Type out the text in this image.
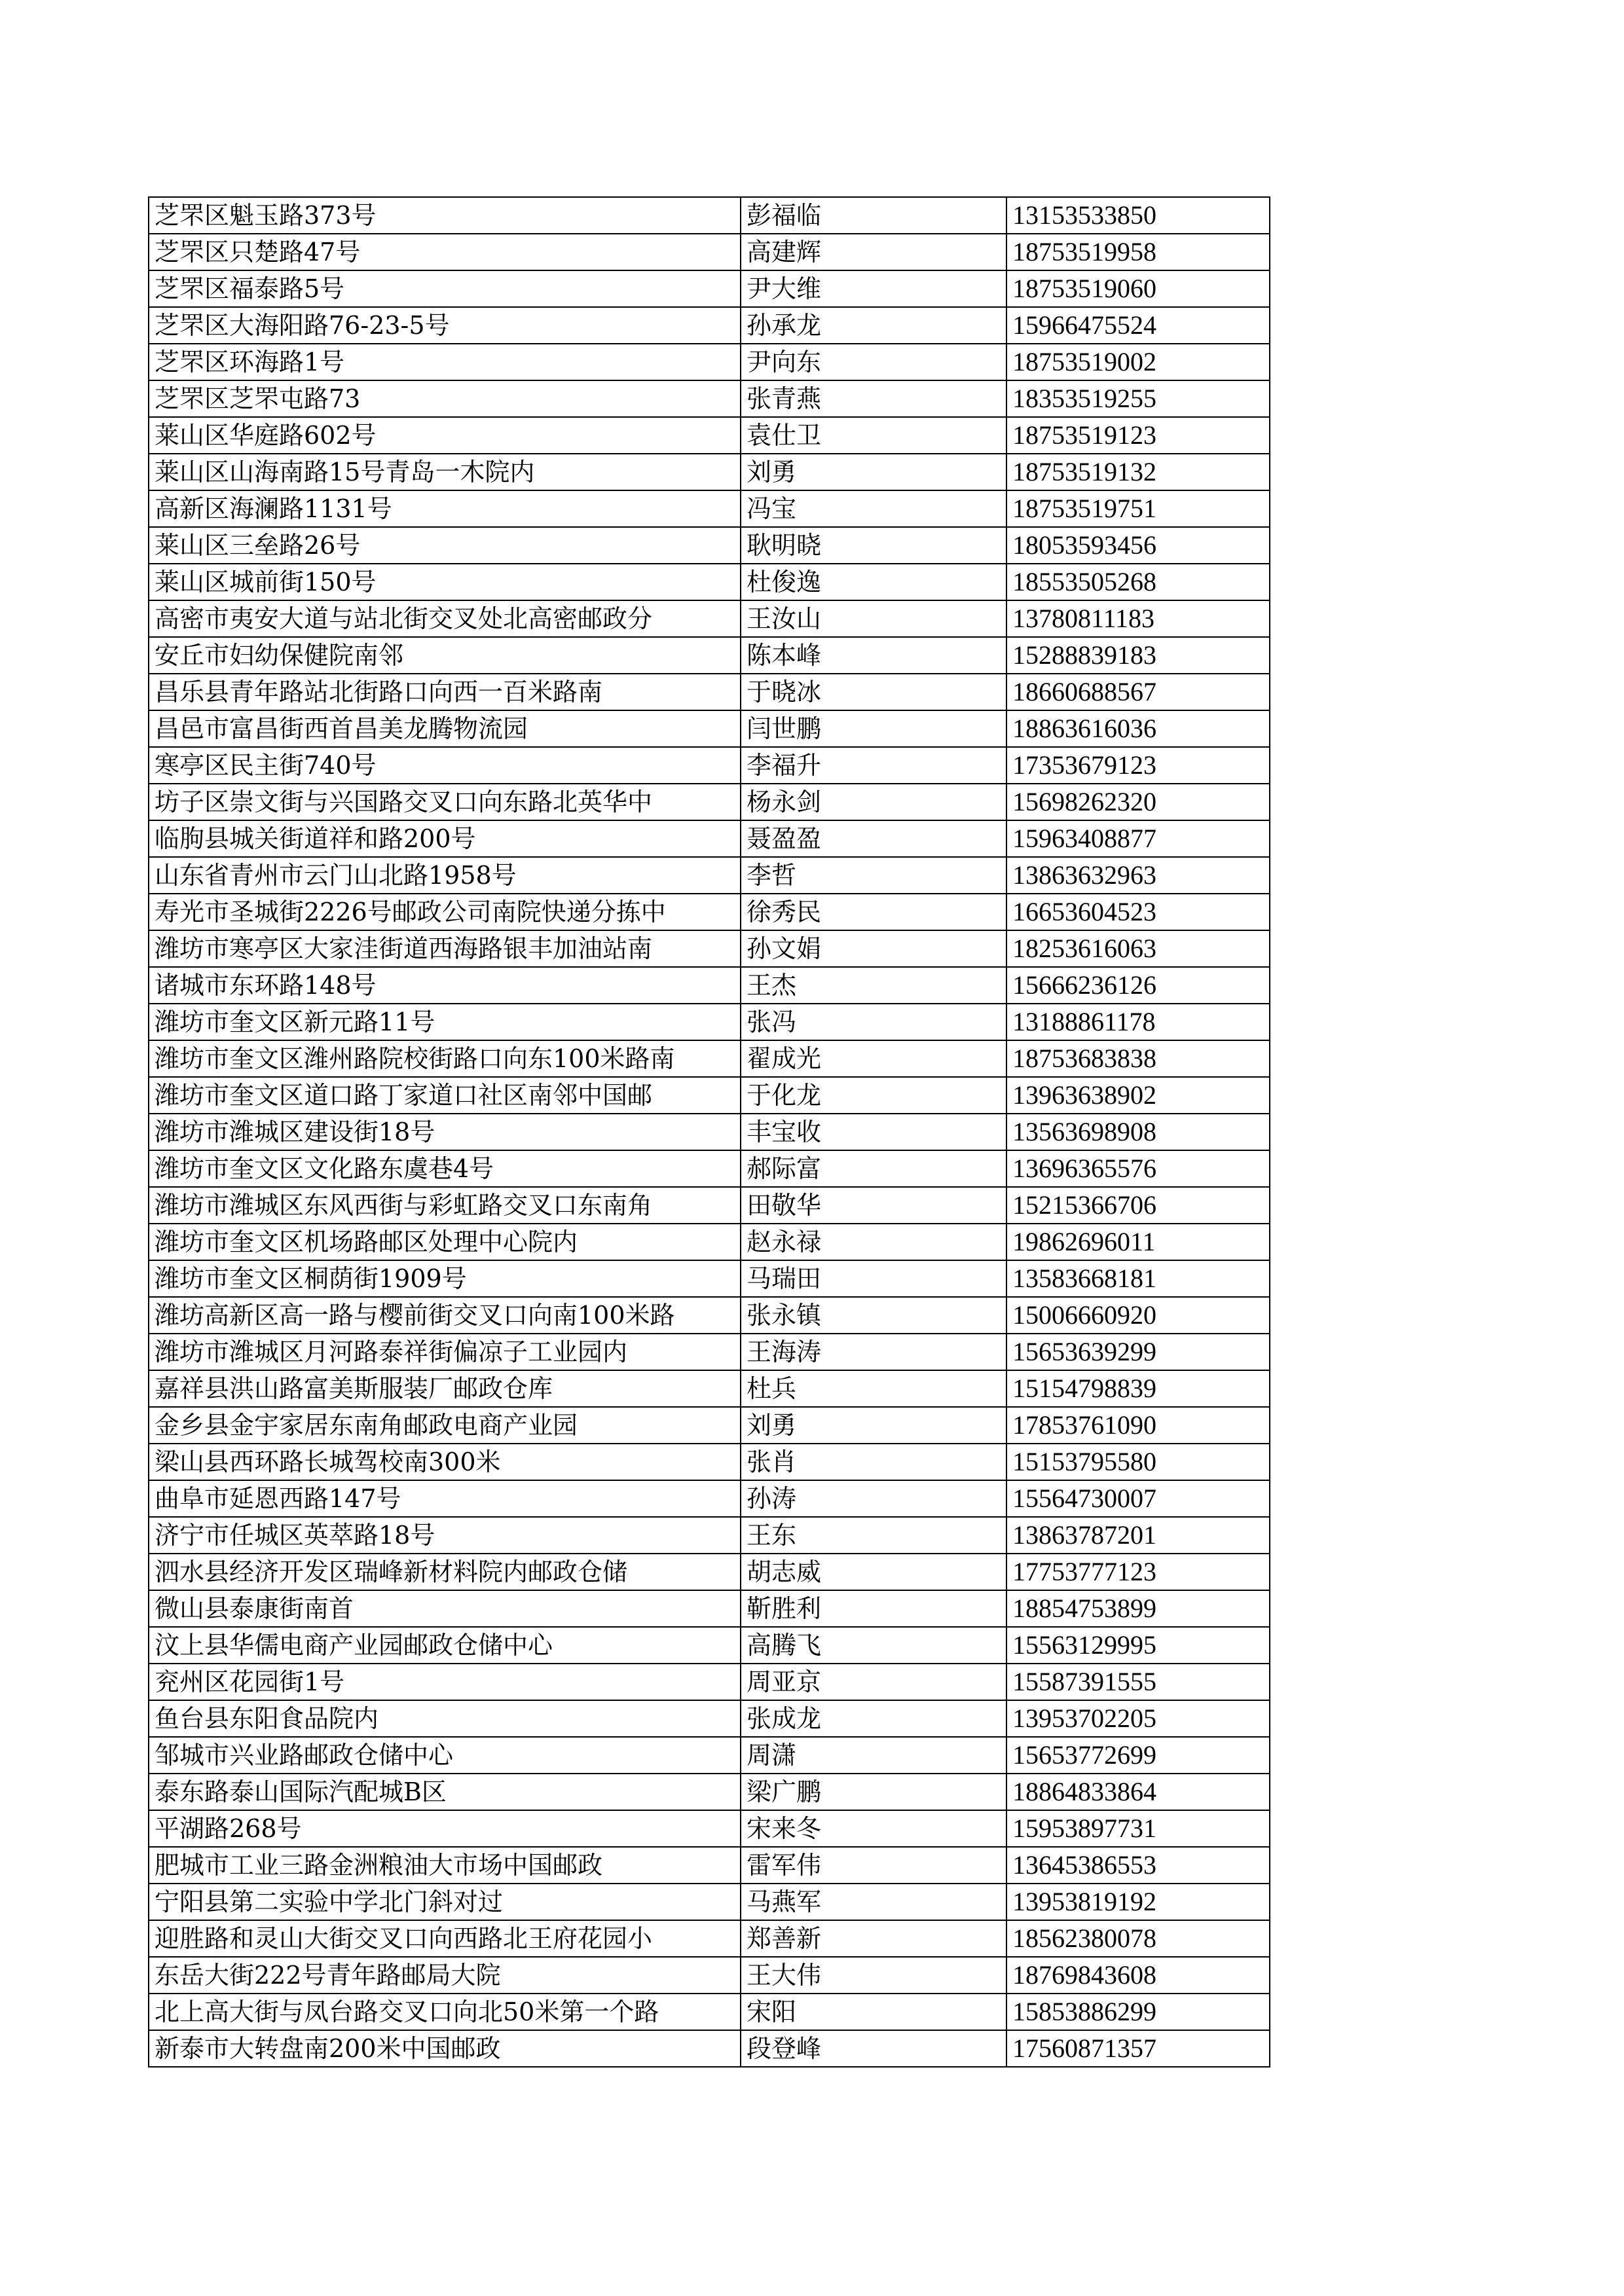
芝罘区魁玉路373号	彭福临	13153533850
芝罘区只楚路47号	高建辉	18753519958
芝罘区福泰路5号	尹大维	18753519060
芝罘区大海阳路76-23-5号	孙承龙	15966475524
芝罘区环海路1号	尹向东	18753519002
芝罘区芝罘屯路73	张青燕	18353519255
莱山区华庭路602号	袁仕卫	18753519123
莱山区山海南路15号青岛一木院内	刘勇	18753519132
高新区海澜路1131号	冯宝	18753519751
莱山区三垒路26号	耿明晓	18053593456
莱山区城前街150号	杜俊逸	18553505268
高密市夷安大道与站北街交叉处北高密邮政分	王汝山	13780811183
安丘市妇幼保健院南邻	陈本峰	15288839183
昌乐县青年路站北街路口向西一百米路南	于晓冰	18660688567
昌邑市富昌街西首昌美龙腾物流园	闫世鹏	18863616036
寒亭区民主街740号	李福升	17353679123
坊子区崇文街与兴国路交叉口向东路北英华中	杨永剑	15698262320
临朐县城关街道祥和路200号	聂盈盈	15963408877
山东省青州市云门山北路1958号	李哲	13863632963
寿光市圣城街2226号邮政公司南院快递分拣中	徐秀民	16653604523
潍坊市寒亭区大家洼街道西海路银丰加油站南	孙文娟	18253616063
诸城市东环路148号	王杰	15666236126
潍坊市奎文区新元路11号	张冯	13188861178
潍坊市奎文区潍州路院校街路口向东100米路南	翟成光	18753683838
潍坊市奎文区道口路丁家道口社区南邻中国邮	于化龙	13963638902
潍坊市潍城区建设街18号	丰宝收	13563698908
潍坊市奎文区文化路东虞巷4号	郝际富	13696365576
潍坊市潍城区东风西街与彩虹路交叉口东南角	田敬华	15215366706
潍坊市奎文区机场路邮区处理中心院内	赵永禄	19862696011
潍坊市奎文区桐荫街1909号	马瑞田	13583668181
潍坊高新区高一路与樱前街交叉口向南100米路	张永镇	15006660920
潍坊市潍城区月河路泰祥街偏凉子工业园内	王海涛	15653639299
嘉祥县洪山路富美斯服装厂邮政仓库	杜兵	15154798839
金乡县金宇家居东南角邮政电商产业园	刘勇	17853761090
梁山县西环路长城驾校南300米	张肖	15153795580
曲阜市延恩西路147号	孙涛	15564730007
济宁市任城区英萃路18号	王东	13863787201
泗水县经济开发区瑞峰新材料院内邮政仓储	胡志威	17753777123
微山县泰康街南首	靳胜利	18854753899
汶上县华儒电商产业园邮政仓储中心	高腾飞	15563129995
兖州区花园街1号	周亚京	15587391555
鱼台县东阳食品院内	张成龙	13953702205
邹城市兴业路邮政仓储中心	周潇	15653772699
泰东路泰山国际汽配城B区	梁广鹏	18864833864
平湖路268号	宋来冬	15953897731
肥城市工业三路金洲粮油大市场中国邮政	雷军伟	13645386553
宁阳县第二实验中学北门斜对过	马燕军	13953819192
迎胜路和灵山大街交叉口向西路北王府花园小	郑善新	18562380078
东岳大街222号青年路邮局大院	王大伟	18769843608
北上高大街与凤台路交叉口向北50米第一个路	宋阳	15853886299
新泰市大转盘南200米中国邮政	段登峰	17560871357
